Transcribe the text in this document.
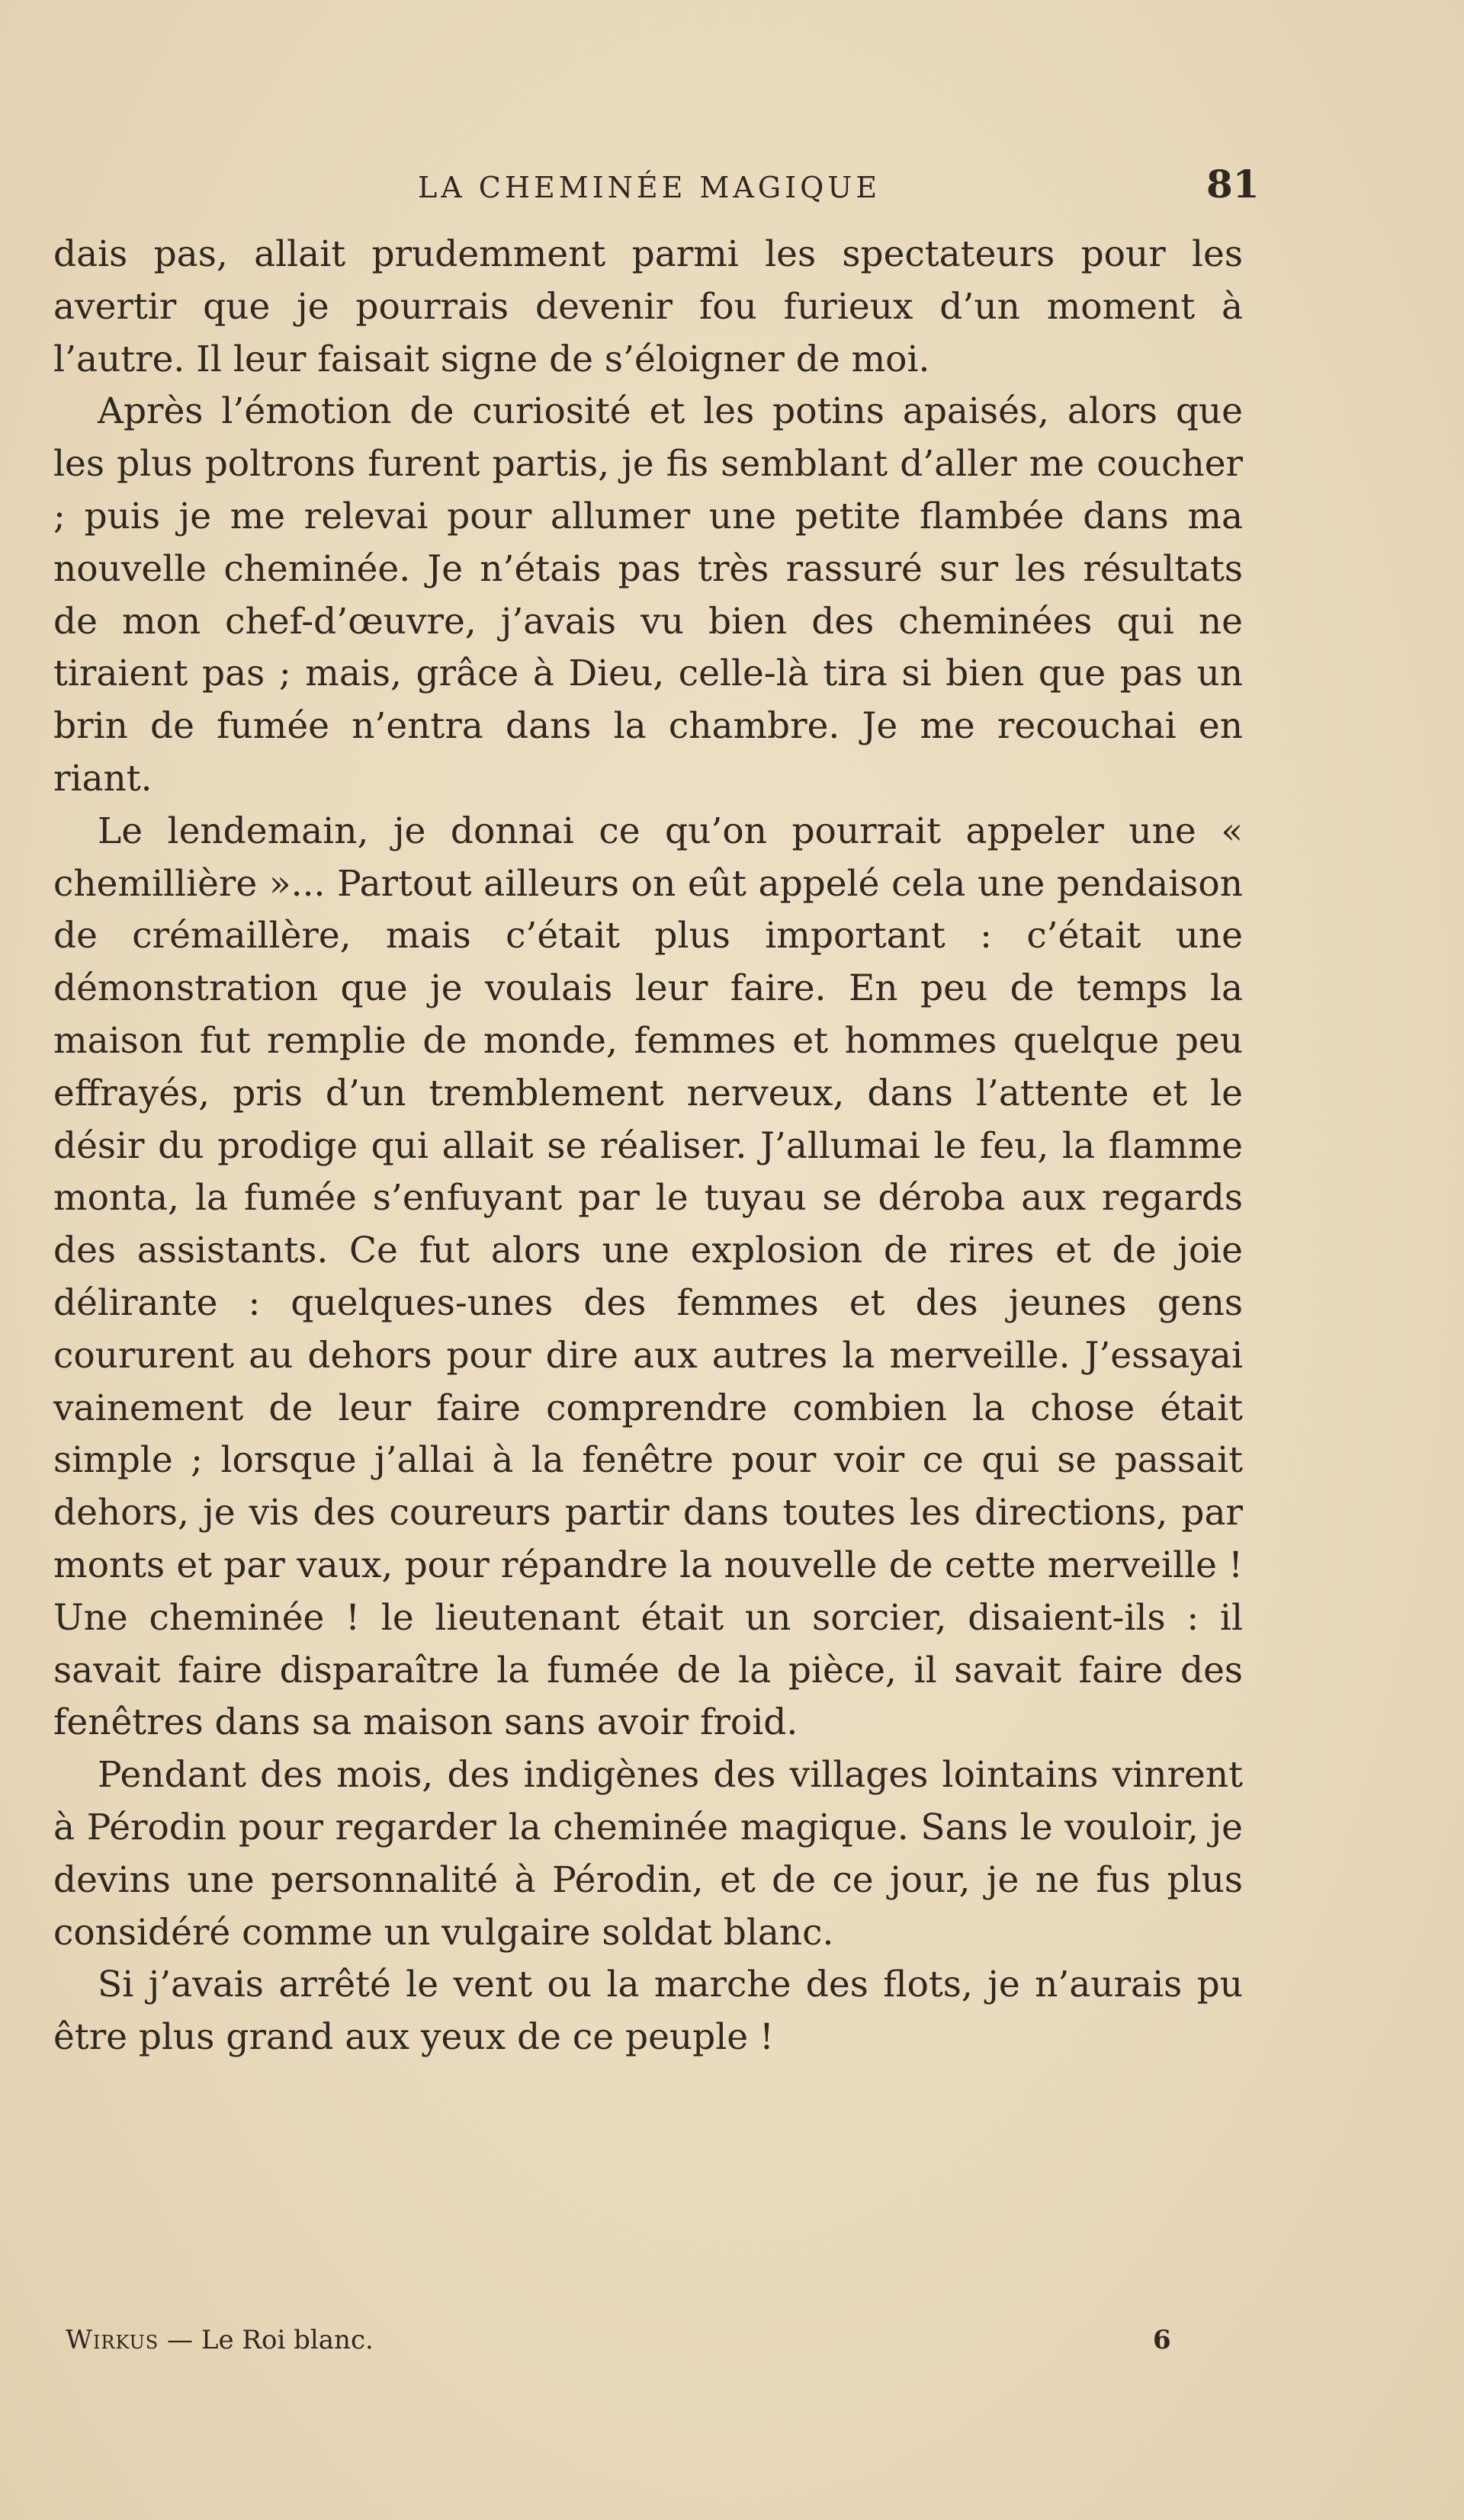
LA CHEMINÉE MAGIQUE	81

dais pas, allait prudemment parmi les spectateurs pour les avertir que je pourrais devenir fou furieux d’un moment à l’autre. Il leur faisait signe de s’éloigner de moi.

Après l’émotion de curiosité et les potins apaisés, alors que les plus poltrons furent partis, je fis semblant d’aller me coucher ; puis je me relevai pour allumer une petite flambée dans ma nouvelle cheminée. Je n’étais pas très rassuré sur les résultats de mon chef-d’œuvre, j’avais vu bien des cheminées qui ne tiraient pas ; mais, grâce à Dieu, celle-là tira si bien que pas un brin de fumée n’entra dans la chambre. Je me recouchai en riant.

Le lendemain, je donnai ce qu’on pourrait appeler une « chemillière »... Partout ailleurs on eût appelé cela une pendaison de crémaillère, mais c’était plus important : c’était une démonstration que je voulais leur faire. En peu de temps la maison fut remplie de monde, femmes et hommes quelque peu effrayés, pris d’un tremblement nerveux, dans l’attente et le désir du prodige qui allait se réaliser. J’allumai le feu, la flamme monta, la fumée s’enfuyant par le tuyau se déroba aux regards des assistants. Ce fut alors une explosion de rires et de joie délirante : quelques-unes des femmes et des jeunes gens coururent au dehors pour dire aux autres la merveille. J’essayai vainement de leur faire comprendre combien la chose était simple ; lorsque j’allai à la fenêtre pour voir ce qui se passait dehors, je vis des coureurs partir dans toutes les directions, par monts et par vaux, pour répandre la nouvelle de cette merveille ! Une cheminée ! le lieutenant était un sorcier, disaient-ils : il savait faire disparaître la fumée de la pièce, il savait faire des fenêtres dans sa maison sans avoir froid.

Pendant des mois, des indigènes des villages lointains vinrent à Pérodin pour regarder la cheminée magique. Sans le vouloir, je devins une personnalité à Pérodin, et de ce jour, je ne fus plus considéré comme un vulgaire soldat blanc.

Si j’avais arrêté le vent ou la marche des flots, je n’aurais pu être plus grand aux yeux de ce peuple !

Wirkus — Le Roi blanc.	6
